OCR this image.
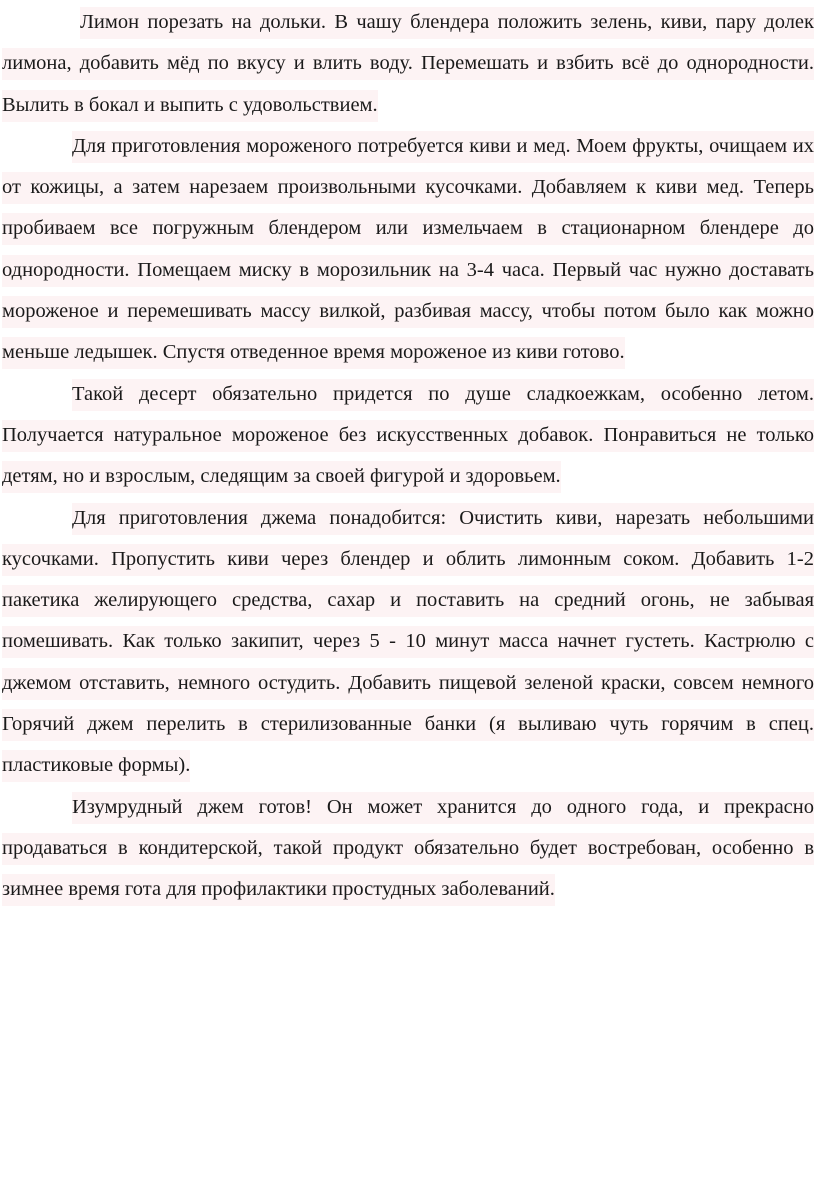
Лимон порезать на дольки. В чашу блендера положить зелень, киви, пару долек лимона, добавить мёд по вкусу и влить воду. Перемешать и взбить всё до однородности. Вылить в бокал и выпить с удовольствием.

Для приготовления мороженого потребуется киви и мед. Моем фрукты, очищаем их от кожицы, а затем нарезаем произвольными кусочками. Добавляем к киви мед. Теперь пробиваем все погружным блендером или измельчаем в стационарном блендере до однородности. Помещаем миску в морозильник на 3-4 часа. Первый час нужно доставать мороженое и перемешивать массу вилкой, разбивая массу, чтобы потом было как можно меньше ледышек. Спустя отведенное время мороженое из киви готово.

Такой десерт обязательно придется по душе сладкоежкам, особенно летом. Получается натуральное мороженое без искусственных добавок. Понравиться не только детям, но и взрослым, следящим за своей фигурой и здоровьем.

Для приготовления джема понадобится: Очистить киви, нарезать небольшими кусочками. Пропустить киви через блендер и облить лимонным соком. Добавить 1-2 пакетика желирующего средства, сахар и поставить на средний огонь, не забывая помешивать. Как только закипит, через 5 - 10 минут масса начнет густеть. Кастрюлю с джемом отставить, немного остудить. Добавить пищевой зеленой краски, совсем немного Горячий джем перелить в стерилизованные банки (я выливаю чуть горячим в спец. пластиковые формы).

Изумрудный джем готов! Он может хранится до одного года, и прекрасно продаваться в кондитерской, такой продукт обязательно будет востребован, особенно в зимнее время гота для профилактики простудных заболеваний.
